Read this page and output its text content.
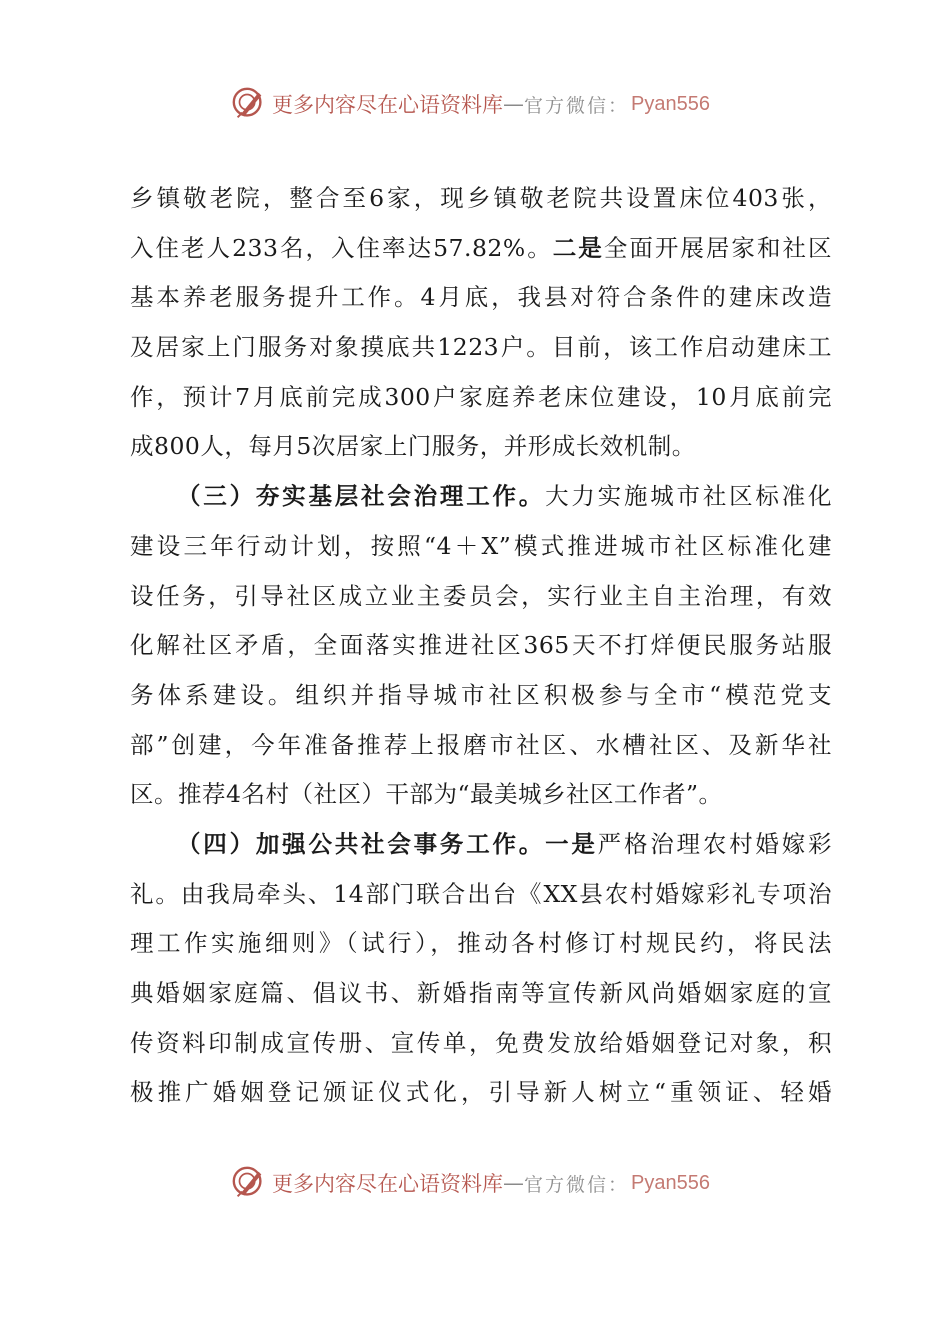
更多内容尽在心语资料库 — 官方微信： Pyan556
乡镇敬老院，整合至6家，现乡镇敬老院共设置床位403张，
入住老人233名，入住率达57.82%。二是全面开展居家和社区
基本养老服务提升工作。4月底，我县对符合条件的建床改造
及居家上门服务对象摸底共1223户。目前，该工作启动建床工
作，预计7月底前完成300户家庭养老床位建设，10月底前完
成800人，每月5次居家上门服务，并形成长效机制。
（三）夯实基层社会治理工作。大力实施城市社区标准化
建设三年行动计划，按照“4＋X”模式推进城市社区标准化建
设任务，引导社区成立业主委员会，实行业主自主治理，有效
化解社区矛盾，全面落实推进社区365天不打烊便民服务站服
务体系建设。组织并指导城市社区积极参与全市“模范党支
部”创建，今年准备推荐上报磨市社区、水槽社区、及新华社
区。推荐4名村（社区）干部为“最美城乡社区工作者”。
（四）加强公共社会事务工作。一是严格治理农村婚嫁彩
礼。由我局牵头、14部门联合出台《XX县农村婚嫁彩礼专项治
理工作实施细则》（试行），推动各村修订村规民约，将民法
典婚姻家庭篇、倡议书、新婚指南等宣传新风尚婚姻家庭的宣
传资料印制成宣传册、宣传单，免费发放给婚姻登记对象，积
极推广婚姻登记颁证仪式化，引导新人树立“重领证、轻婚
更多内容尽在心语资料库 — 官方微信： Pyan556
